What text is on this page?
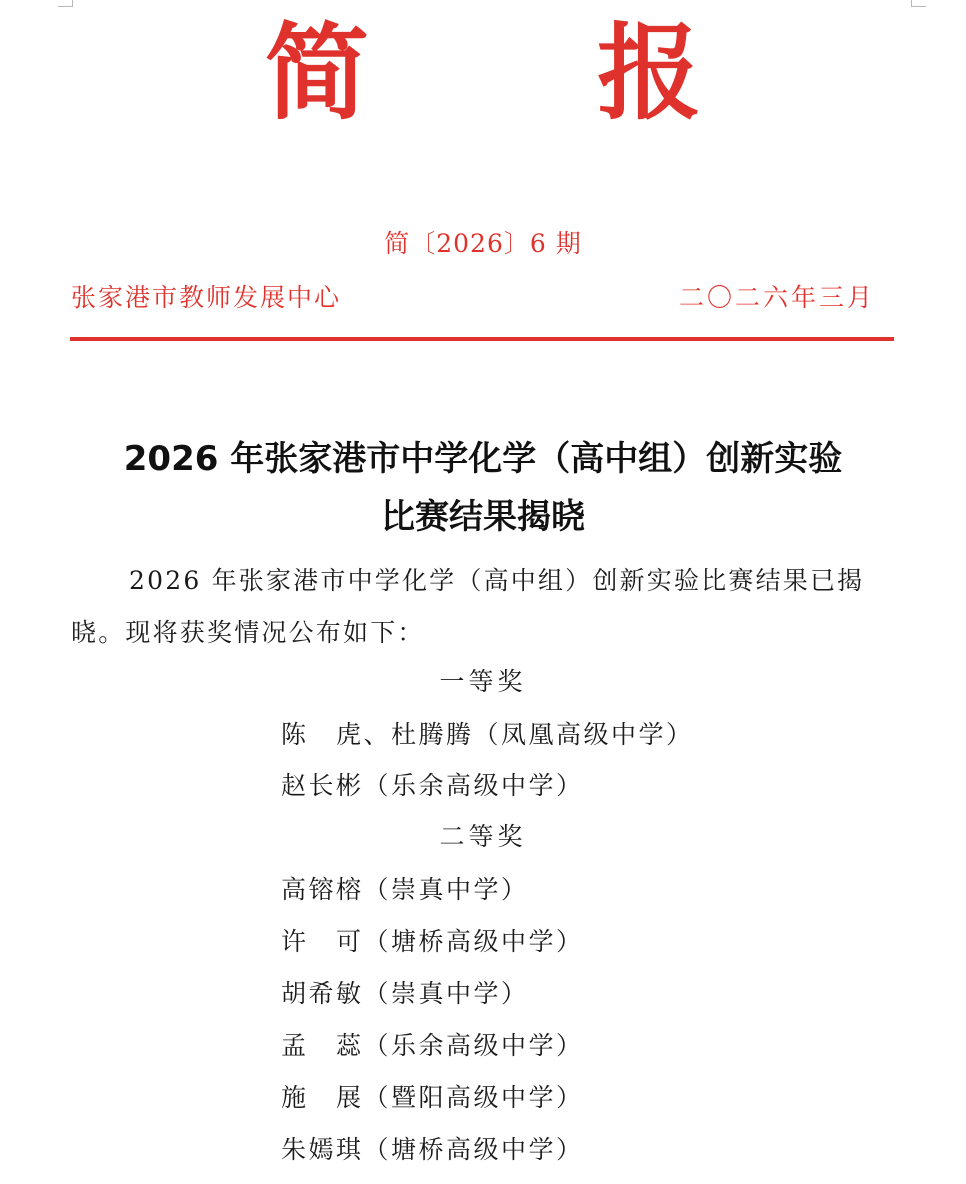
简 报
简〔2026〕6 期
张家港市教师发展中心	二〇二六年三月
2026 年张家港市中学化学（高中组）创新实验
比赛结果揭晓
2026 年张家港市中学化学（高中组）创新实验比赛结果已揭晓。现将获奖情况公布如下：
一等奖
陈　虎、杜腾腾（凤凰高级中学）
赵长彬（乐余高级中学）
二等奖
高镕榕（崇真中学）
许　可（塘桥高级中学）
胡希敏（崇真中学）
孟　蕊（乐余高级中学）
施　展（暨阳高级中学）
朱嫣琪（塘桥高级中学）
